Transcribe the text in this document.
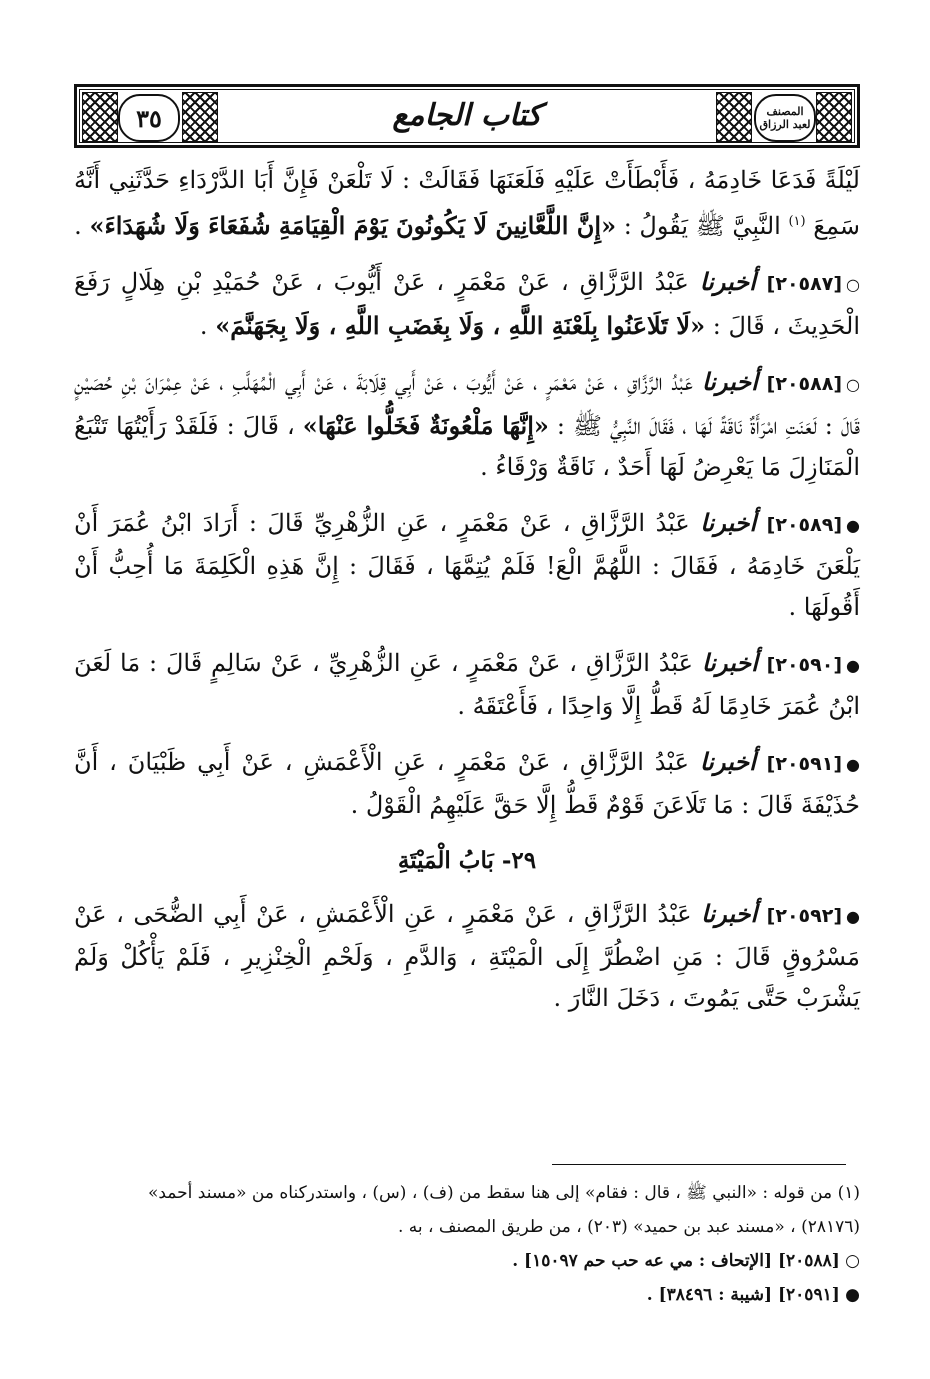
٣٥	كتاب الجامع	المصنف
لعبد الرزاق

لَيْلَةً فَدَعَا خَادِمَهُ ، فَأَبْطَأَتْ عَلَيْهِ فَلَعَنَهَا فَقَالَتْ : لَا تَلْعَنْ فَإِنَّ أَبَا الدَّرْدَاءِ حَدَّثَنِي أَنَّهُ سَمِعَ $^{(١)}$ النَّبِيَّ ﷺ يَقُولُ : «إِنَّ اللَّعَّانِينَ لَا يَكُونُونَ يَوْمَ الْقِيَامَةِ شُفَعَاءَ وَلَا شُهَدَاءَ» .

○[٢٠٥٨٧] أخبرنا عَبْدُ الرَّزَّاقِ ، عَنْ مَعْمَرٍ ، عَنْ أَيُّوبَ ، عَنْ حُمَيْدِ بْنِ هِلَالٍ رَفَعَ الْحَدِيثَ ، قَالَ : «لَا تَلَاعَنُوا بِلَعْنَةِ اللَّهِ ، وَلَا بِغَضَبِ اللَّهِ ، وَلَا بِجَهَنَّمَ» .

○[٢٠٥٨٨] أخبرنا عَبْدُ الرَّزَّاقِ ، عَنْ مَعْمَرٍ ، عَنْ أَيُّوبَ ، عَنْ أَبِي قِلَابَةَ ، عَنْ أَبِي الْمُهَلَّبِ ، عَنْ عِمْرَانَ بْنِ حُصَيْنٍ قَالَ : لَعَنَتِ امْرَأَةٌ نَاقَةً لَهَا ، فَقَالَ النَّبِيُّ ﷺ : «إِنَّهَا مَلْعُونَةٌ فَخَلُّوا عَنْهَا» ، قَالَ : فَلَقَدْ رَأَيْتُهَا تَتْبَعُ الْمَنَازِلَ مَا يَعْرِضُ لَهَا أَحَدٌ ، نَاقَةٌ وَرْقَاءُ .

●[٢٠٥٨٩] أخبرنا عَبْدُ الرَّزَّاقِ ، عَنْ مَعْمَرٍ ، عَنِ الزُّهْرِيِّ قَالَ : أَرَادَ ابْنُ عُمَرَ أَنْ يَلْعَنَ خَادِمَهُ ، فَقَالَ : اللَّهُمَّ الْعَ! فَلَمْ يُتِمَّهَا ، فَقَالَ : إِنَّ هَذِهِ الْكَلِمَةَ مَا أُحِبُّ أَنْ أَقُولَهَا .

●[٢٠٥٩٠] أخبرنا عَبْدُ الرَّزَّاقِ ، عَنْ مَعْمَرٍ ، عَنِ الزُّهْرِيِّ ، عَنْ سَالِمٍ قَالَ : مَا لَعَنَ ابْنُ عُمَرَ خَادِمًا لَهُ قَطُّ إِلَّا وَاحِدًا ، فَأَعْتَقَهُ .

●[٢٠٥٩١] أخبرنا عَبْدُ الرَّزَّاقِ ، عَنْ مَعْمَرٍ ، عَنِ الْأَعْمَشِ ، عَنْ أَبِي ظَبْيَانَ ، أَنَّ حُذَيْفَةَ قَالَ : مَا تَلَاعَنَ قَوْمٌ قَطُّ إِلَّا حَقَّ عَلَيْهِمُ الْقَوْلُ .

٢٩- بَابُ الْمَيْتَةِ

●[٢٠٥٩٢] أخبرنا عَبْدُ الرَّزَّاقِ ، عَنْ مَعْمَرٍ ، عَنِ الْأَعْمَشِ ، عَنْ أَبِي الضُّحَى ، عَنْ مَسْرُوقٍ قَالَ : مَنِ اضْطُرَّ إِلَى الْمَيْتَةِ ، وَالدَّمِ ، وَلَحْمِ الْخِنْزِيرِ ، فَلَمْ يَأْكُلْ وَلَمْ يَشْرَبْ حَتَّى يَمُوتَ ، دَخَلَ النَّارَ .

(١) من قوله : «النبي ﷺ ، قال : فقام» إلى هنا سقط من (ف) ، (س) ، واستدركناه من «مسند أحمد»

(٢٨١٧٦) ، «مسند عبد بن حميد» (٢٠٣) ، من طريق المصنف ، به .

○ [٢٠٥٨٨] [الإتحاف : مي عه حب حم ١٥٠٩٧] .

● [٢٠٥٩١] [شيبة : ٣٨٤٩٦] .
